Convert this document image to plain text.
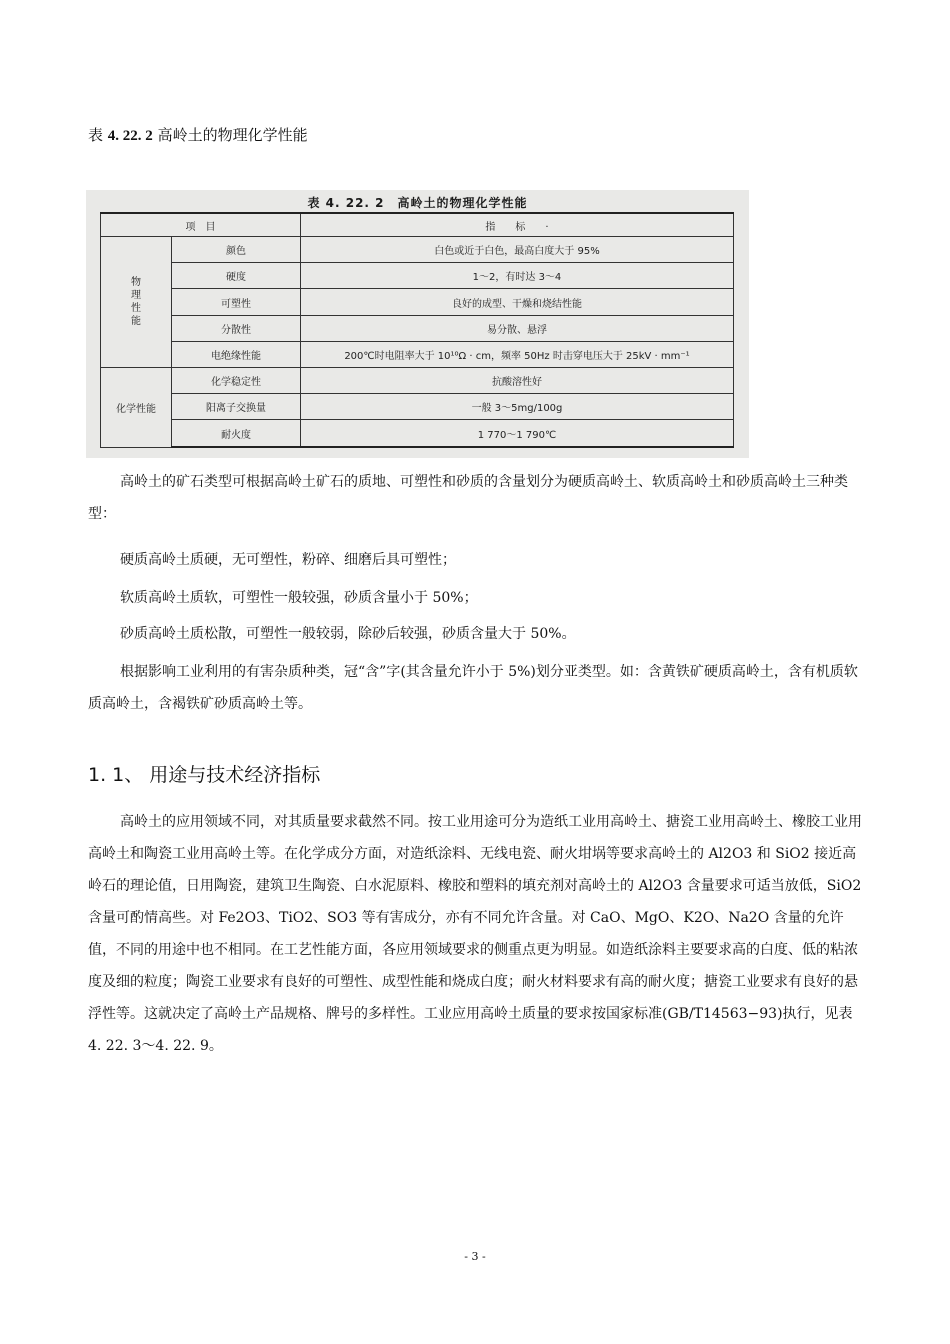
表 4. 22. 2 高岭土的物理化学性能
表 4. 22. 2　高岭土的物理化学性能
项　目		指　　标　　·
物理性能	颜色	白色或近于白色，最高白度大于 95%
	硬度	1～2，有时达 3～4
	可塑性	良好的成型、干燥和烧结性能
	分散性	易分散、悬浮
	电绝缘性能	200℃时电阻率大于 10¹⁰Ω · cm，频率 50Hz 时击穿电压大于 25kV · mm⁻¹
化学性能	化学稳定性	抗酸溶性好
	阳离子交换量	一般 3～5mg/100g
	耐火度	1 770～1 790℃

高岭土的矿石类型可根据高岭土矿石的质地、可塑性和砂质的含量划分为硬质高岭土、软质高岭土和砂质高岭土三种类型：

硬质高岭土质硬，无可塑性，粉碎、细磨后具可塑性；

软质高岭土质软，可塑性一般较强，砂质含量小于 50%；

砂质高岭土质松散，可塑性一般较弱，除砂后较强，砂质含量大于 50%。

根据影响工业利用的有害杂质种类，冠“含”字(其含量允许小于 5%)划分亚类型。如：含黄铁矿硬质高岭土，含有机质软质高岭土，含褐铁矿砂质高岭土等。

1. 1、 用途与技术经济指标

高岭土的应用领域不同，对其质量要求截然不同。按工业用途可分为造纸工业用高岭土、搪瓷工业用高岭土、橡胶工业用高岭土和陶瓷工业用高岭土等。在化学成分方面，对造纸涂料、无线电瓷、耐火坩埚等要求高岭土的 Al2O3 和 SiO2 接近高岭石的理论值，日用陶瓷，建筑卫生陶瓷、白水泥原料、橡胶和塑料的填充剂对高岭土的 Al2O3 含量要求可适当放低，SiO2 含量可酌情高些。对 Fe2O3、TiO2、SO3 等有害成分，亦有不同允许含量。对 CaO、MgO、K2O、Na2O 含量的允许值，不同的用途中也不相同。在工艺性能方面，各应用领域要求的侧重点更为明显。如造纸涂料主要要求高的白度、低的粘浓度及细的粒度；陶瓷工业要求有良好的可塑性、成型性能和烧成白度；耐火材料要求有高的耐火度；搪瓷工业要求有良好的悬浮性等。这就决定了高岭土产品规格、牌号的多样性。工业应用高岭土质量的要求按国家标准(GB/T14563−93)执行，见表 4. 22. 3～4. 22. 9。

- 3 -
